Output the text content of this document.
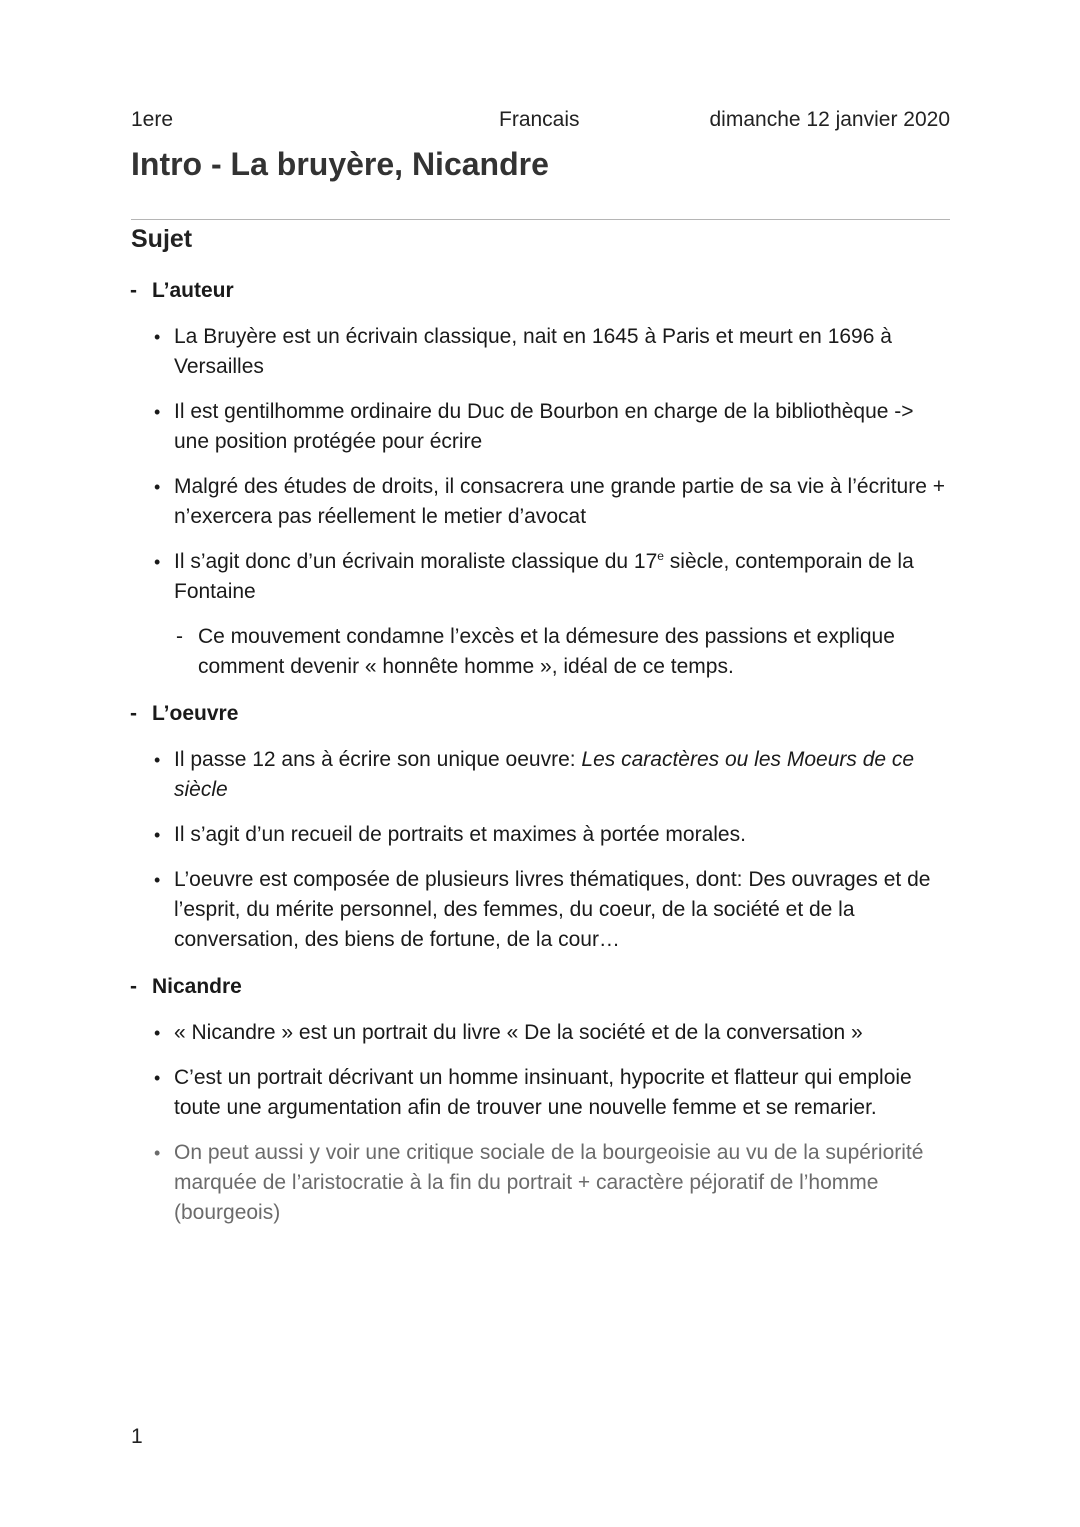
1ere	Francais	dimanche 12 janvier 2020
Intro - La bruyère, Nicandre
Sujet
- L’auteur
• La Bruyère est un écrivain classique, nait en 1645 à Paris et meurt en 1696 à Versailles
• Il est gentilhomme ordinaire du Duc de Bourbon en charge de la bibliothèque -> une position protégée pour écrire
• Malgré des études de droits, il consacrera une grande partie de sa vie à l’écriture + n’exercera pas réellement le metier d’avocat
• Il s’agit donc d’un écrivain moraliste classique du 17e siècle, contemporain de la Fontaine
- Ce mouvement condamne l’excès et la démesure des passions et explique comment devenir « honnête homme », idéal de ce temps.
- L’oeuvre
• Il passe 12 ans à écrire son unique oeuvre: Les caractères ou les Moeurs de ce siècle
• Il s’agit d’un recueil de portraits et maximes à portée morales.
• L’oeuvre est composée de plusieurs livres thématiques, dont: Des ouvrages et de l’esprit, du mérite personnel, des femmes, du coeur, de la société et de la conversation, des biens de fortune, de la cour…
- Nicandre
• « Nicandre » est un portrait du livre « De la société et de la conversation »
• C’est un portrait décrivant un homme insinuant, hypocrite et flatteur qui emploie toute une argumentation afin de trouver une nouvelle femme et se remarier.
• On peut aussi y voir une critique sociale de la bourgeoisie au vu de la supériorité marquée de l’aristocratie à la fin du portrait + caractère péjoratif de l’homme (bourgeois)
1
